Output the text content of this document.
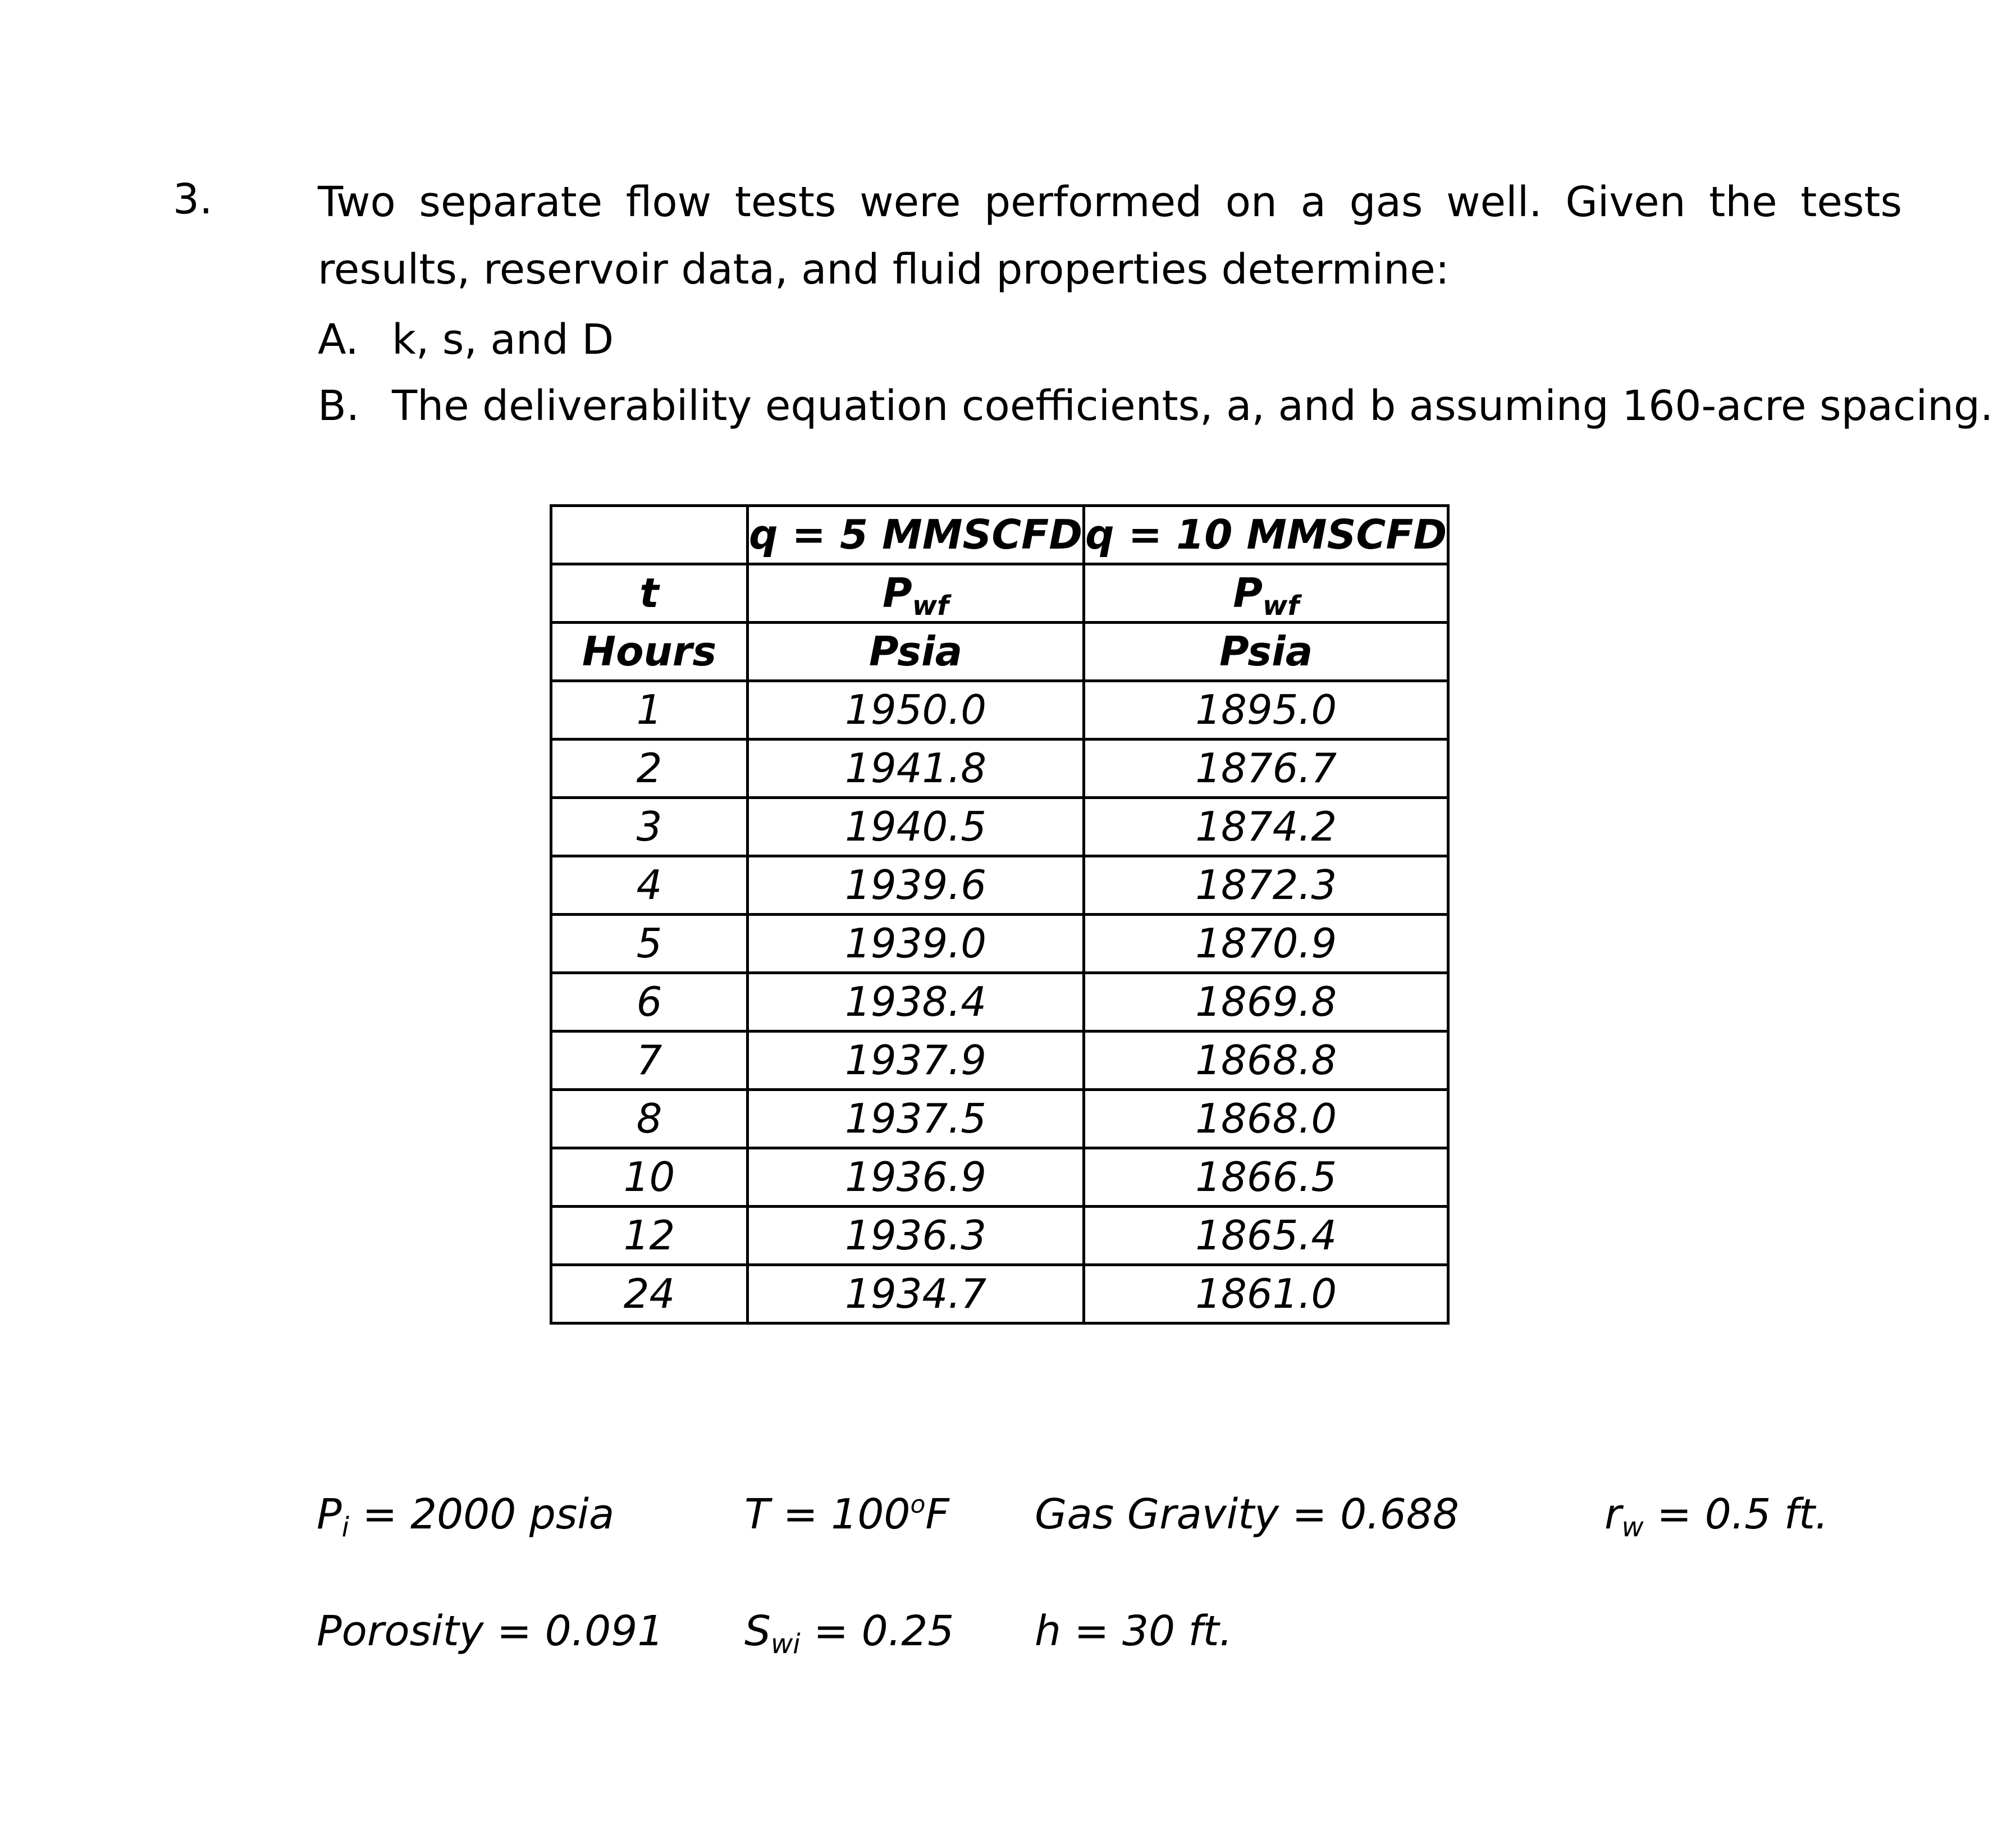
3.	Two separate flow tests were performed on a gas well. Given the tests results, reservoir data, and fluid properties determine:
A. k, s, and D
B. The deliverability equation coefficients, a, and b assuming 160-acre spacing.
	q = 5 MMSCFD	q = 10 MMSCFD
t	$P_{wf}$	$P_{wf}$
Hours	Psia	Psia
1	1950.0	1895.0
2	1941.8	1876.7
3	1940.5	1874.2
4	1939.6	1872.3
5	1939.0	1870.9
6	1938.4	1869.8
7	1937.9	1868.8
8	1937.5	1868.0
10	1936.9	1866.5
12	1936.3	1865.4
24	1934.7	1861.0
$P_i = 2000$ psia	$T = 100^oF$ Gas Gravity = 0.688	$r_w = 0.5$ ft.
Porosity = 0.091 $S_{wi} = 0.25$ h = 30 ft.
